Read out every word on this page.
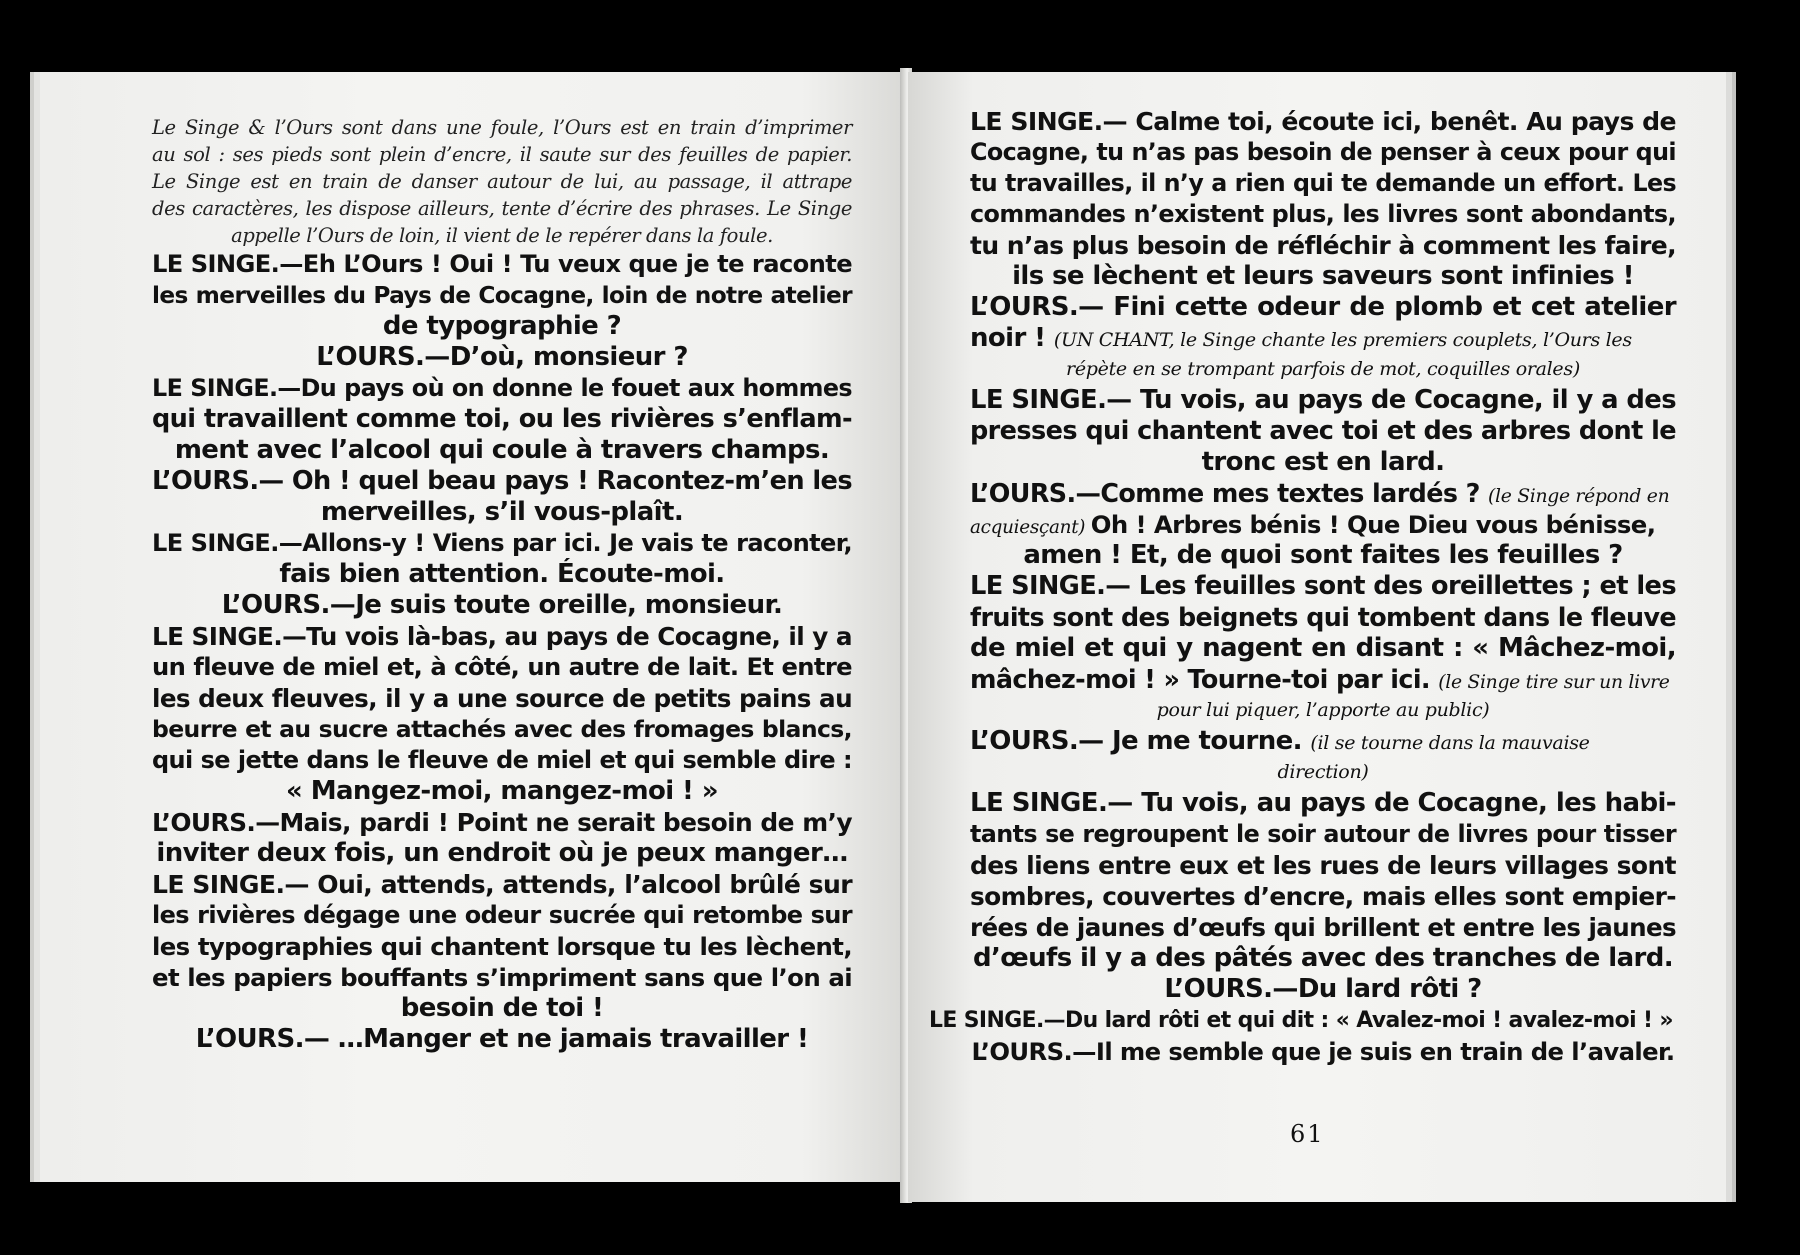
Le Singe & l’Ours sont dans une foule, l’Ours est en train d’imprimer
au sol : ses pieds sont plein d’encre, il saute sur des feuilles de papier.
Le Singe est en train de danser autour de lui, au passage, il attrape
des caractères, les dispose ailleurs, tente d’écrire des phrases. Le Singe
appelle l’Ours de loin, il vient de le repérer dans la foule.
LE SINGE.—Eh L’Ours ! Oui ! Tu veux que je te raconte
les merveilles du Pays de Cocagne, loin de notre atelier
de typographie ?
L’OURS.—D’où, monsieur ?
LE SINGE.—Du pays où on donne le fouet aux hommes
qui travaillent comme toi, ou les rivières s’enflam-
ment avec l’alcool qui coule à travers champs.
L’OURS.— Oh ! quel beau pays ! Racontez-m’en les
merveilles, s’il vous-plaît.
LE SINGE.—Allons-y ! Viens par ici. Je vais te raconter,
fais bien attention. Écoute-moi.
L’OURS.—Je suis toute oreille, monsieur.
LE SINGE.—Tu vois là-bas, au pays de Cocagne, il y a
un fleuve de miel et, à côté, un autre de lait. Et entre
les deux fleuves, il y a une source de petits pains au
beurre et au sucre attachés avec des fromages blancs,
qui se jette dans le fleuve de miel et qui semble dire :
« Mangez-moi, mangez-moi ! »
L’OURS.—Mais, pardi ! Point ne serait besoin de m’y
inviter deux fois, un endroit où je peux manger…
LE SINGE.— Oui, attends, attends, l’alcool brûlé sur
les rivières dégage une odeur sucrée qui retombe sur
les typographies qui chantent lorsque tu les lèchent,
et les papiers bouffants s’impriment sans que l’on ai
besoin de toi !
L’OURS.— …Manger et ne jamais travailler !
LE SINGE.— Calme toi, écoute ici, benêt. Au pays de
Cocagne, tu n’as pas besoin de penser à ceux pour qui
tu travailles, il n’y a rien qui te demande un effort. Les
commandes n’existent plus, les livres sont abondants,
tu n’as plus besoin de réfléchir à comment les faire,
ils se lèchent et leurs saveurs sont infinies !
L’OURS.— Fini cette odeur de plomb et cet atelier
noir ! (UN CHANT, le Singe chante les premiers couplets, l’Ours les
répète en se trompant parfois de mot, coquilles orales)
LE SINGE.— Tu vois, au pays de Cocagne, il y a des
presses qui chantent avec toi et des arbres dont le
tronc est en lard.
L’OURS.—Comme mes textes lardés ? (le Singe répond en
acquiesçant) Oh ! Arbres bénis ! Que Dieu vous bénisse,
amen ! Et, de quoi sont faites les feuilles ?
LE SINGE.— Les feuilles sont des oreillettes ; et les
fruits sont des beignets qui tombent dans le fleuve
de miel et qui y nagent en disant : « Mâchez-moi,
mâchez-moi ! » Tourne-toi par ici. (le Singe tire sur un livre
pour lui piquer, l’apporte au public)
L’OURS.— Je me tourne. (il se tourne dans la mauvaise
direction)
LE SINGE.— Tu vois, au pays de Cocagne, les habi-
tants se regroupent le soir autour de livres pour tisser
des liens entre eux et les rues de leurs villages sont
sombres, couvertes d’encre, mais elles sont empier-
rées de jaunes d’œufs qui brillent et entre les jaunes
d’œufs il y a des pâtés avec des tranches de lard.
L’OURS.—Du lard rôti ?
LE SINGE.—Du lard rôti et qui dit : « Avalez-moi ! avalez-moi ! »
L’OURS.—Il me semble que je suis en train de l’avaler.
61
